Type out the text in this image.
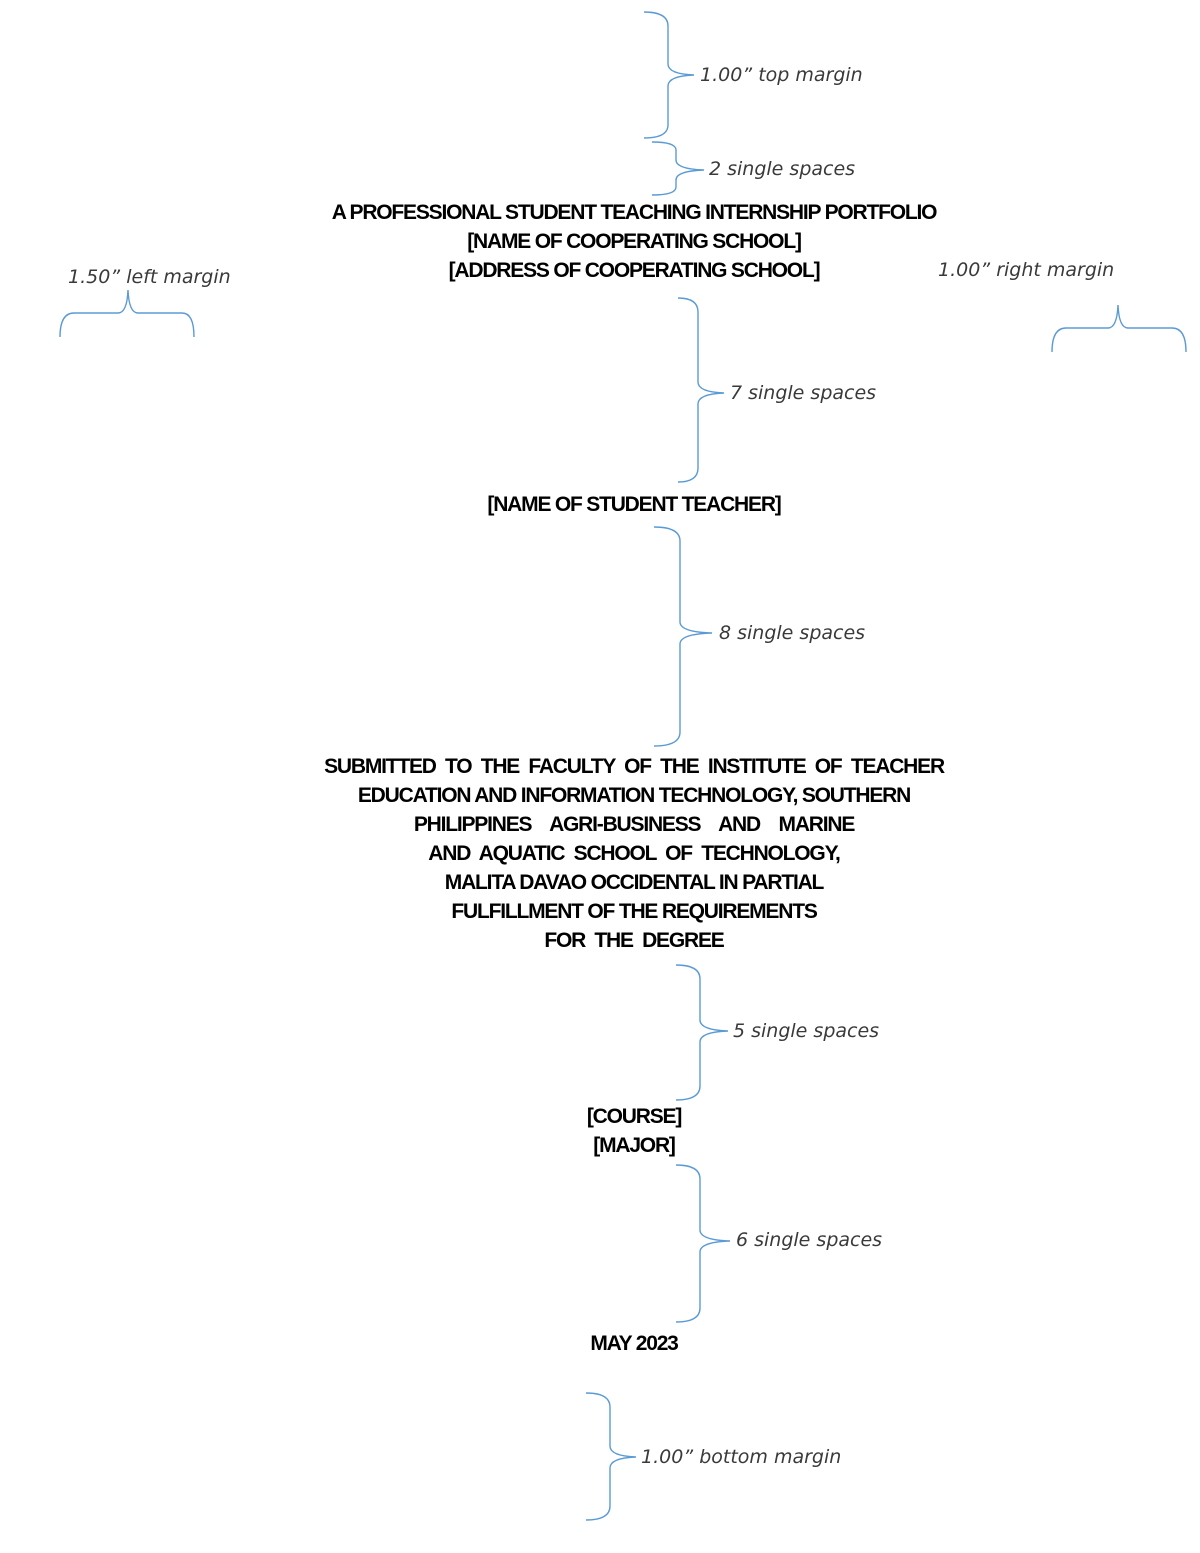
1.00” top margin
2 single spaces
1.50” left margin	1.00” right margin
7 single spaces
8 single spaces
5 single spaces
6 single spaces
1.00” bottom margin
A PROFESSIONAL STUDENT TEACHING INTERNSHIP PORTFOLIO
[NAME OF COOPERATING SCHOOL]
[ADDRESS OF COOPERATING SCHOOL]
[NAME OF STUDENT TEACHER]
SUBMITTED  TO  THE  FACULTY  OF  THE  INSTITUTE  OF  TEACHER
EDUCATION AND INFORMATION TECHNOLOGY, SOUTHERN
PHILIPPINES    AGRI-BUSINESS    AND    MARINE
AND  AQUATIC  SCHOOL  OF  TECHNOLOGY,
MALITA DAVAO OCCIDENTAL IN PARTIAL
FULFILLMENT OF THE REQUIREMENTS
FOR  THE  DEGREE
[COURSE]
[MAJOR]
MAY 2023
